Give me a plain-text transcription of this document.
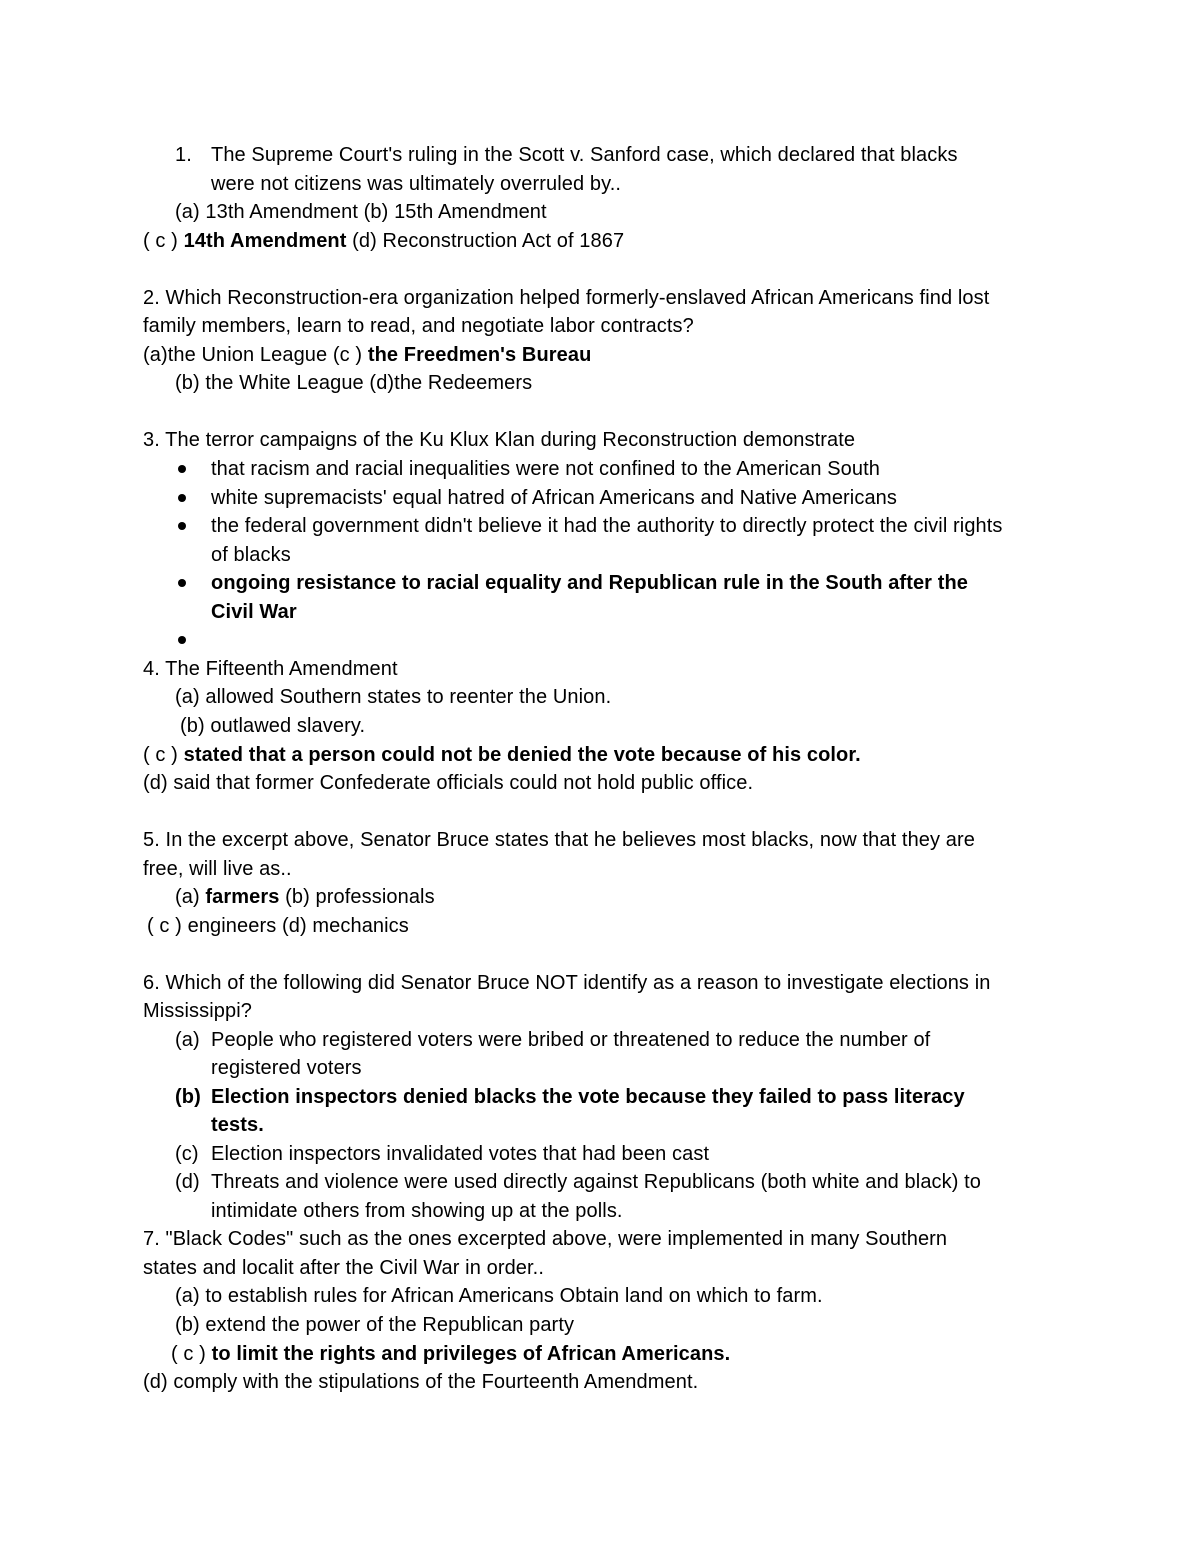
1. The Supreme Court's ruling in the Scott v. Sanford case, which declared that blacks
were not citizens was ultimately overruled by..
(a) 13th Amendment (b) 15th Amendment
( c ) 14th Amendment (d) Reconstruction Act of 1867
2. Which Reconstruction-era organization helped formerly-enslaved African Americans find lost
family members, learn to read, and negotiate labor contracts?
(a)the Union League (c ) the Freedmen's Bureau
(b) the White League (d)the Redeemers
3. The terror campaigns of the Ku Klux Klan during Reconstruction demonstrate
that racism and racial inequalities were not confined to the American South
white supremacists' equal hatred of African Americans and Native Americans
the federal government didn't believe it had the authority to directly protect the civil rights
of blacks
ongoing resistance to racial equality and Republican rule in the South after the
Civil War
4. The Fifteenth Amendment
(a) allowed Southern states to reenter the Union.
(b) outlawed slavery.
( c ) stated that a person could not be denied the vote because of his color.
(d) said that former Confederate officials could not hold public office.
5. In the excerpt above, Senator Bruce states that he believes most blacks, now that they are
free, will live as..
(a) farmers (b) professionals
( c ) engineers (d) mechanics
6. Which of the following did Senator Bruce NOT identify as a reason to investigate elections in
Mississippi?
(a) People who registered voters were bribed or threatened to reduce the number of
registered voters
(b) Election inspectors denied blacks the vote because they failed to pass literacy
tests.
(c) Election inspectors invalidated votes that had been cast
(d) Threats and violence were used directly against Republicans (both white and black) to
intimidate others from showing up at the polls.
7. "Black Codes" such as the ones excerpted above, were implemented in many Southern
states and localit after the Civil War in order..
(a) to establish rules for African Americans Obtain land on which to farm.
(b) extend the power of the Republican party
( c ) to limit the rights and privileges of African Americans.
(d) comply with the stipulations of the Fourteenth Amendment.
